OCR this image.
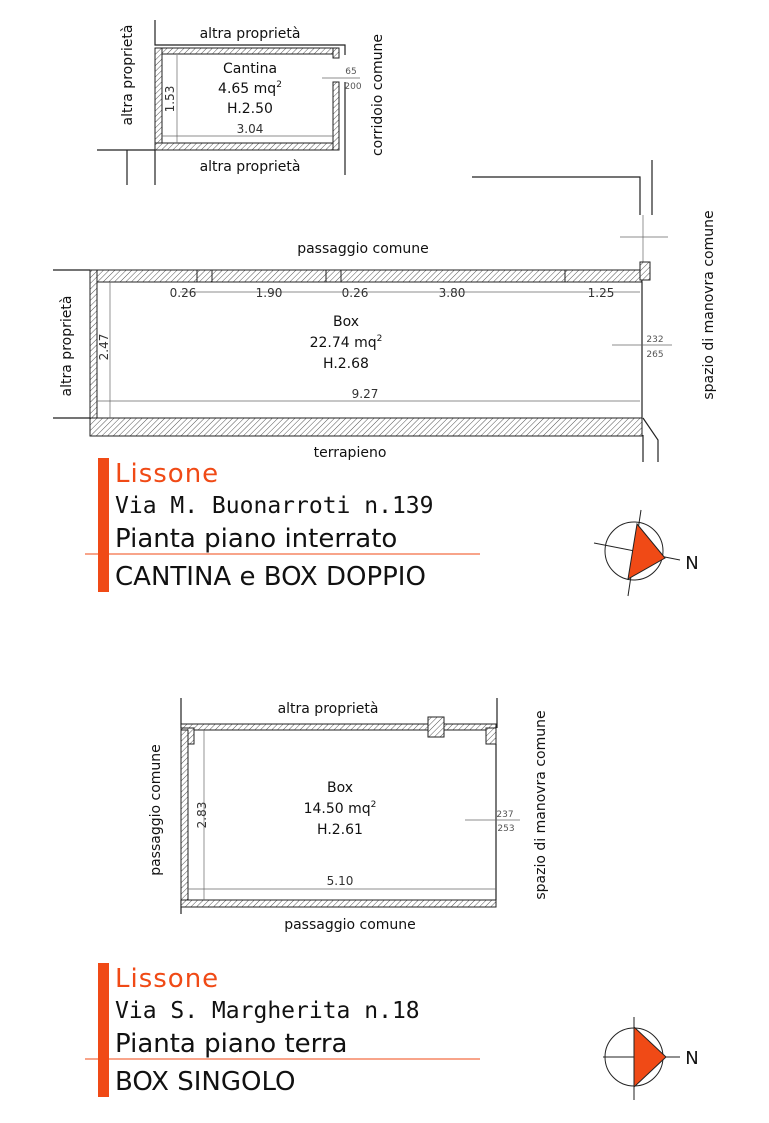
altra proprietà
Cantina
4.65 $mq^2$
H.2.50
3.04
1.53
65
200
altra proprietà
altra proprietà	corridoio comune
passaggio comune
0.26	1.90	0.26	3.80	1.25
Box
22.74 $mq^2$
H.2.68
9.27
2.47	232
265
terrapieno
altra proprietà	spazio di manovra comune
Lissone
Via M. Buonarroti n.139
Pianta piano interrato
CANTINA e BOX DOPPIO	N
altra proprietà
Box
14.50 $mq^2$
H.2.61
5.10
2.83	237
253
passaggio comune
passaggio comune	spazio di manovra comune
Lissone
Via S. Margherita n.18
Pianta piano terra
BOX SINGOLO
N
